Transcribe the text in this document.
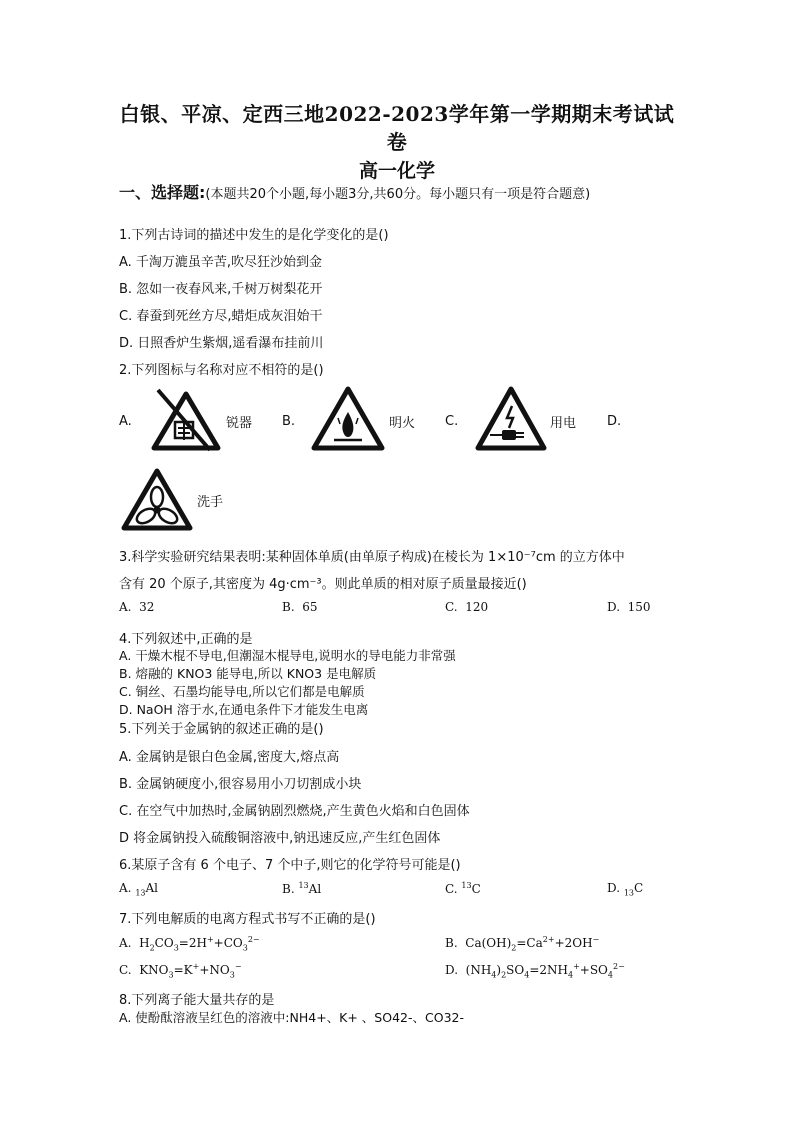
白银、平凉、定西三地2022-2023学年第一学期期末考试试卷
高一化学
一、选择题:(本题共20个小题,每小题3分,共60分。每小题只有一项是符合题意)
1.下列古诗词的描述中发生的是化学变化的是()
A. 千淘万漉虽辛苦,吹尽狂沙始到金
B. 忽如一夜春风来,千树万树梨花开
C. 春蚕到死丝方尽,蜡炬成灰泪始干
D. 日照香炉生紫烟,遥看瀑布挂前川
2.下列图标与名称对应不相符的是()
A.	锐器 B.	明火 C.	用电 D.
洗手
3.科学实验研究结果表明:某种固体单质(由单原子构成)在棱长为 1×10⁻⁷cm 的立方体中
含有 20 个原子,其密度为 4g·cm⁻³。则此单质的相对原子质量最接近()
A. 32	B. 65	C. 120	D. 150
4.下列叙述中,正确的是
A. 干燥木棍不导电,但潮湿木棍导电,说明水的导电能力非常强
B. 熔融的 KNO3 能导电,所以 KNO3 是电解质
C. 铜丝、石墨均能导电,所以它们都是电解质
D. NaOH 溶于水,在通电条件下才能发生电离
5.下列关于金属钠的叙述正确的是()
A. 金属钠是银白色金属,密度大,熔点高
B. 金属钠硬度小,很容易用小刀切割成小块
C. 在空气中加热时,金属钠剧烈燃烧,产生黄色火焰和白色固体
D 将金属钠投入硫酸铜溶液中,钠迅速反应,产生红色固体
6.某原子含有 6 个电子、7 个中子,则它的化学符号可能是()
A. $_{13}$Al	B. $^{13}$Al	C. $^{13}$C	D. $_{13}$C
7.下列电解质的电离方程式书写不正确的是()
A.  $H_2CO_3=2H^++CO_3^{2-}$	B.  $Ca(OH)_2=Ca^{2+}+2OH^-$
C.  $KNO_3=K^++NO_3^-$	D.  $(NH_4)_2SO_4=2NH_4^++SO_4^{2-}$
8.下列离子能大量共存的是
A. 使酚酞溶液呈红色的溶液中:NH4+、K+ 、SO42-、CO32-
